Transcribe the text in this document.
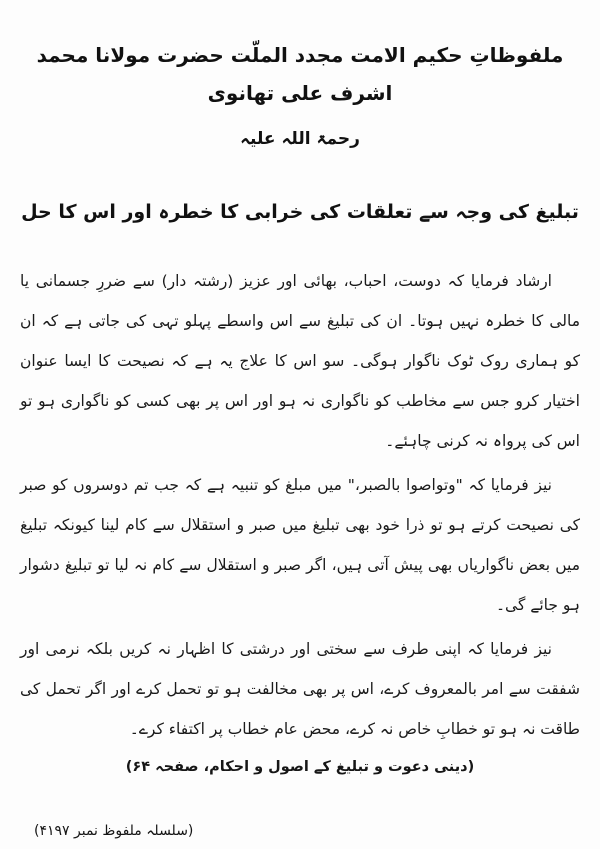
ملفوظاتِ حکیم الامت مجدد الملّت حضرت مولانا محمد اشرف علی تھانوی
رحمۃ اللہ علیہ
تبلیغ کی وجہ سے تعلقات کی خرابی کا خطرہ اور اس کا حل

ارشاد فرمایا کہ دوست، احباب، بھائی اور عزیز (رشتہ دار) سے ضررِ جسمانی یا مالی کا خطرہ نہیں ہوتا۔ ان کی تبلیغ سے اس واسطے پہلو تہی کی جاتی ہے کہ ان کو ہماری روک ٹوک ناگوار ہوگی۔ سو اس کا علاج یہ ہے کہ نصیحت کا ایسا عنوان اختیار کرو جس سے مخاطب کو ناگواری نہ ہو اور اس پر بھی کسی کو ناگواری ہو تو اس کی پرواہ نہ کرنی چاہئے۔

نیز فرمایا کہ "وتواصوا بالصبر،" میں مبلغ کو تنبیہ ہے کہ جب تم دوسروں کو صبر کی نصیحت کرتے ہو تو ذرا خود بھی تبلیغ میں صبر و استقلال سے کام لینا کیونکہ تبلیغ میں بعض ناگواریاں بھی پیش آتی ہیں، اگر صبر و استقلال سے کام نہ لیا تو تبلیغ دشوار ہو جائے گی۔

نیز فرمایا کہ اپنی طرف سے سختی اور درشتی کا اظہار نہ کریں بلکہ نرمی اور شفقت سے امر بالمعروف کرے، اس پر بھی مخالفت ہو تو تحمل کرے اور اگر تحمل کی طاقت نہ ہو تو خطابِ خاص نہ کرے، محض عام خطاب پر اکتفاء کرے۔

(دینی دعوت و تبلیغ کے اصول و احکام، صفحہ ۶۴)
(سلسلہ ملفوظ نمبر ۴۱۹۷)
